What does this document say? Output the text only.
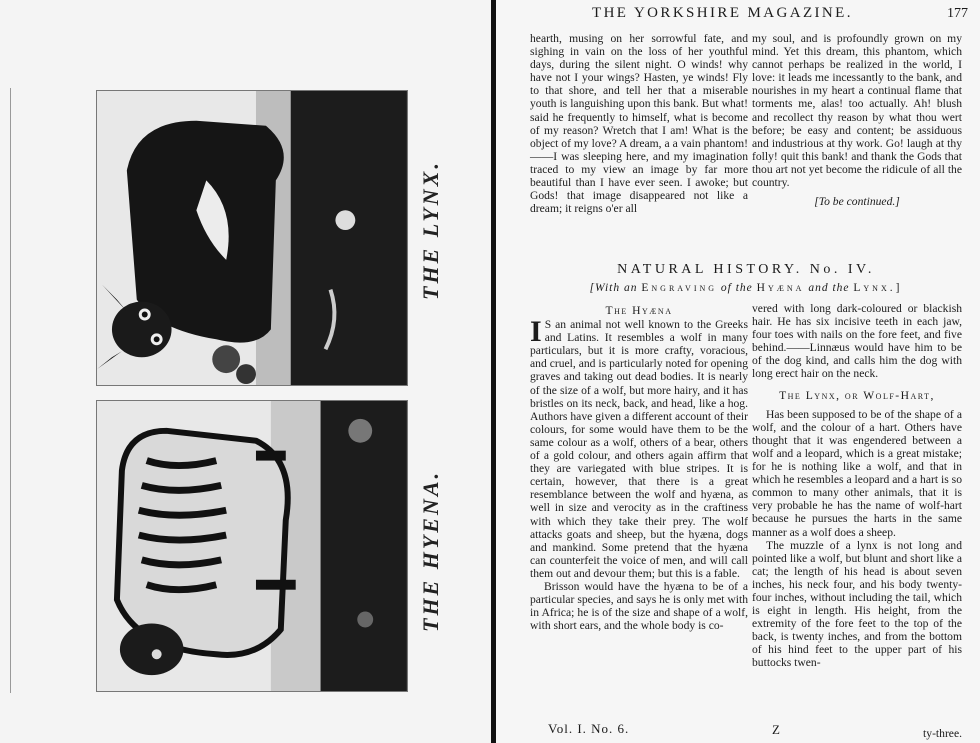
THE LYNX.
THE HYENA.
THE YORKSHIRE MAGAZINE.	177

hearth, musing on her sorrowful fate, and sighing in vain on the loss of her youthful days, during the silent night. O winds! why have not I your wings? Hasten, ye winds! Fly to that shore, and tell her that a miserable youth is languishing upon this bank. But what! said he frequently to himself, what is become of my reason? Wretch that I am! What is the object of my love? A dream, a a vain phantom!——I was sleeping here, and my imagination traced to my view an image by far more beautiful than I have ever seen. I awoke; but Gods! that image disappeared not like a dream; it reigns o'er all

my soul, and is profoundly grown on my mind. Yet this dream, this phantom, which cannot perhaps be realized in the world, I love: it leads me incessantly to the bank, and nourishes in my heart a continual flame that torments me, alas! too actually. Ah! blush and recollect thy reason by what thou wert before; be easy and content; be assiduous and industrious at thy work. Go! laugh at thy folly! quit this bank! and thank the Gods that thou art not yet become the ridicule of all the country.

[To be continued.]
NATURAL HISTORY. No. IV.
[With an Engraving of the Hyæna and the Lynx.]
The Hyæna

I S an animal not well known to the Greeks and Latins. It resembles a wolf in many particulars, but it is more crafty, voracious, and cruel, and is particularly noted for opening graves and taking out dead bodies. It is nearly of the size of a wolf, but more hairy, and it has bristles on its neck, back, and head, like a hog. Authors have given a different account of their colours, for some would have them to be the same colour as a wolf, others of a bear, others of a gold colour, and others again affirm that they are variegated with blue stripes. It is certain, however, that there is a great resemblance between the wolf and hyæna, as well in size and verocity as in the craftiness with which they take their prey. The wolf attacks goats and sheep, but the hyæna, dogs and mankind. Some pretend that the hyæna can counterfeit the voice of men, and will call them out and devour them; but this is a fable.

Brisson would have the hyæna to be of a particular species, and says he is only met with in Africa; he is of the size and shape of a wolf, with short ears, and the whole body is co-

vered with long dark-coloured or blackish hair. He has six incisive teeth in each jaw, four toes with nails on the fore feet, and five behind.——Linnæus would have him to be of the dog kind, and calls him the dog with long erect hair on the neck.

The Lynx, or Wolf-Hart,

Has been supposed to be of the shape of a wolf, and the colour of a hart. Others have thought that it was engendered between a wolf and a leopard, which is a great mistake; for he is nothing like a wolf, and that in which he resembles a leopard and a hart is so common to many other animals, that it is very probable he has the name of wolf-hart because he pursues the harts in the same manner as a wolf does a sheep.

The muzzle of a lynx is not long and pointed like a wolf, but blunt and short like a cat; the length of his head is about seven inches, his neck four, and his body twenty-four inches, without including the tail, which is eight in length. His height, from the extremity of the fore feet to the top of the back, is twenty inches, and from the bottom of his hind feet to the upper part of his buttocks twen-

Vol. I. No. 6.	Z	ty-three.
